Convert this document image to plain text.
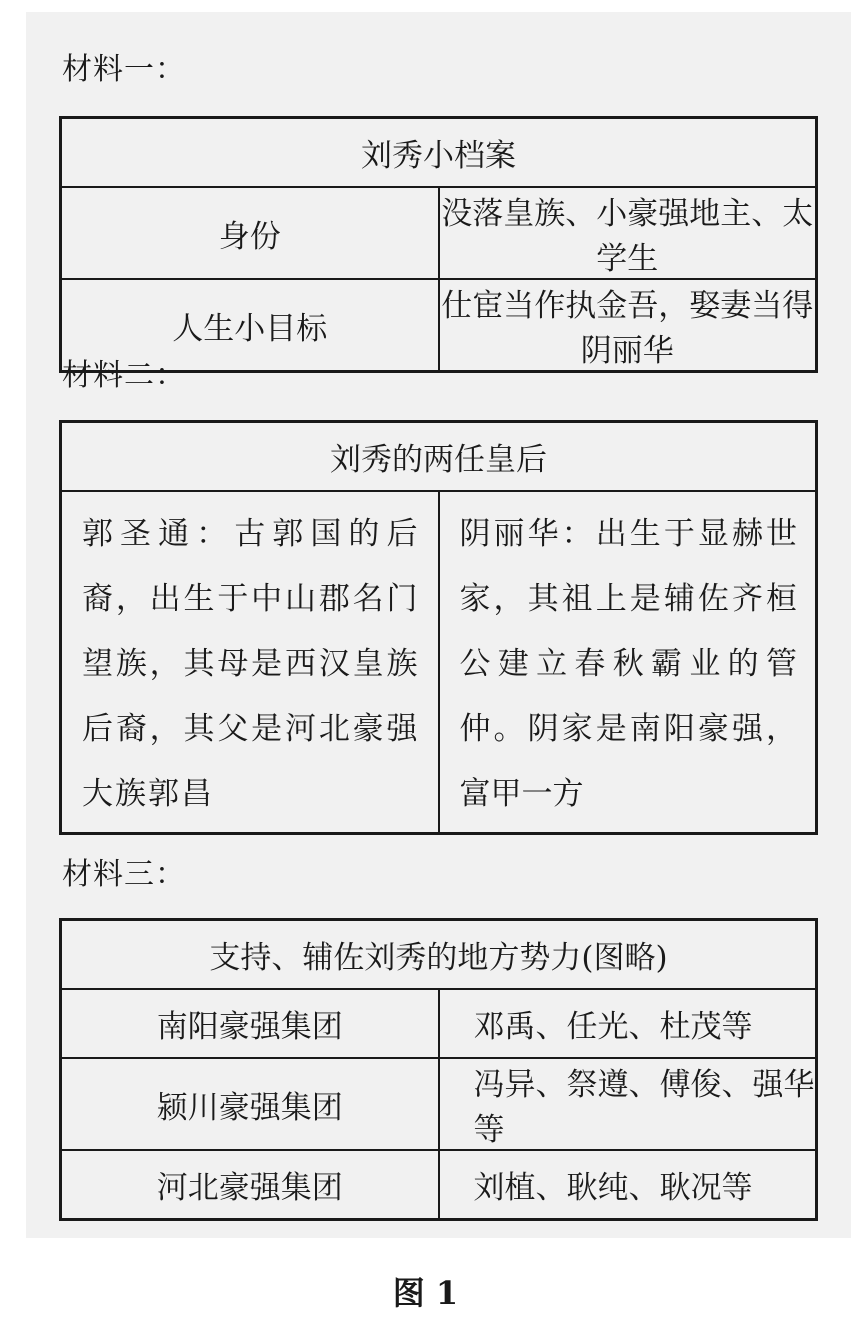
材料一：
刘秀小档案	
身份	没落皇族、小豪强地主、太学生
人生小目标	仕宦当作执金吾，娶妻当得阴丽华
材料二：
刘秀的两任皇后
郭圣通：古郭国的后裔，出生于中山郡名门望族，其母是西汉皇族后裔，其父是河北豪强大族郭昌	阴丽华：出生于显赫世家，其祖上是辅佐齐桓公建立春秋霸业的管仲。阴家是南阳豪强，富甲一方
材料三：
支持、辅佐刘秀的地方势力(图略)	
南阳豪强集团	邓禹、任光、杜茂等
颍川豪强集团	冯异、祭遵、傅俊、强华等
河北豪强集团	刘植、耿纯、耿况等
图 1
